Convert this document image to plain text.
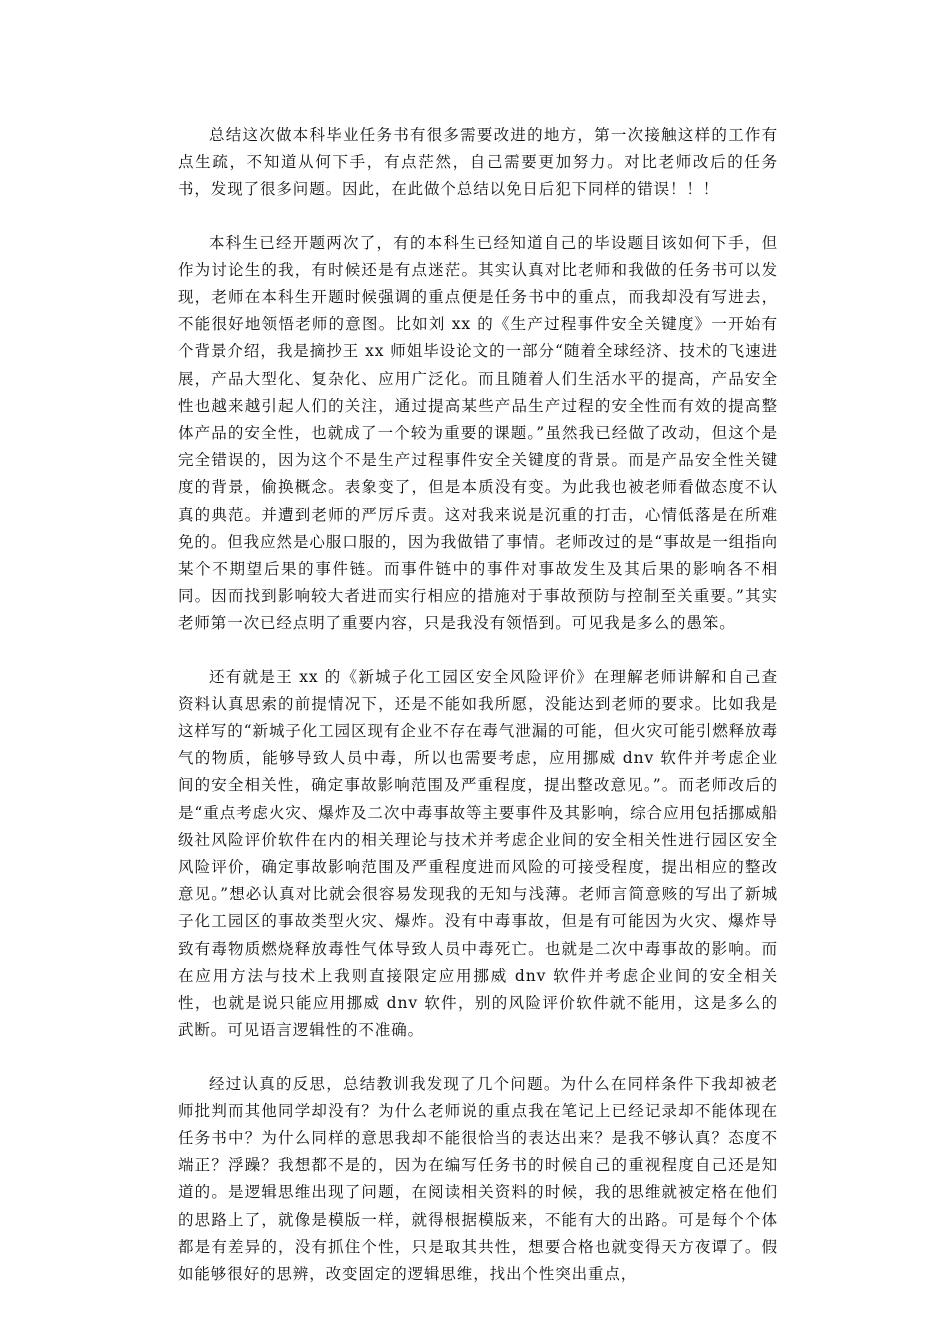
总结这次做本科毕业任务书有很多需要改进的地方，第一次接触这样的工作有点生疏，不知道从何下手，有点茫然，自己需要更加努力。对比老师改后的任务书，发现了很多问题。因此，在此做个总结以免日后犯下同样的错误！！！

本科生已经开题两次了，有的本科生已经知道自己的毕设题目该如何下手，但作为讨论生的我，有时候还是有点迷茫。其实认真对比老师和我做的任务书可以发现，老师在本科生开题时候强调的重点便是任务书中的重点，而我却没有写进去，不能很好地领悟老师的意图。比如刘 xx 的《生产过程事件安全关键度》一开始有个背景介绍，我是摘抄王 xx 师姐毕设论文的一部分“随着全球经济、技术的飞速进展，产品大型化、复杂化、应用广泛化。而且随着人们生活水平的提高，产品安全性也越来越引起人们的关注，通过提高某些产品生产过程的安全性而有效的提高整体产品的安全性，也就成了一个较为重要的课题。”虽然我已经做了改动，但这个是完全错误的，因为这个不是生产过程事件安全关键度的背景。而是产品安全性关键度的背景，偷换概念。表象变了，但是本质没有变。为此我也被老师看做态度不认真的典范。并遭到老师的严厉斥责。这对我来说是沉重的打击，心情低落是在所难免的。但我应然是心服口服的，因为我做错了事情。老师改过的是“事故是一组指向某个不期望后果的事件链。而事件链中的事件对事故发生及其后果的影响各不相同。因而找到影响较大者进而实行相应的措施对于事故预防与控制至关重要。”其实老师第一次已经点明了重要内容，只是我没有领悟到。可见我是多么的愚笨。

还有就是王 xx 的《新城子化工园区安全风险评价》在理解老师讲解和自己查资料认真思索的前提情况下，还是不能如我所愿，没能达到老师的要求。比如我是这样写的“新城子化工园区现有企业不存在毒气泄漏的可能，但火灾可能引燃释放毒气的物质，能够导致人员中毒，所以也需要考虑，应用挪威 dnv 软件并考虑企业间的安全相关性，确定事故影响范围及严重程度，提出整改意见。”。而老师改后的是“重点考虑火灾、爆炸及二次中毒事故等主要事件及其影响，综合应用包括挪威船级社风险评价软件在内的相关理论与技术并考虑企业间的安全相关性进行园区安全风险评价，确定事故影响范围及严重程度进而风险的可接受程度，提出相应的整改意见。”想必认真对比就会很容易发现我的无知与浅薄。老师言简意赅的写出了新城子化工园区的事故类型火灾、爆炸。没有中毒事故，但是有可能因为火灾、爆炸导致有毒物质燃烧释放毒性气体导致人员中毒死亡。也就是二次中毒事故的影响。而在应用方法与技术上我则直接限定应用挪威 dnv 软件并考虑企业间的安全相关性，也就是说只能应用挪威 dnv 软件，别的风险评价软件就不能用，这是多么的武断。可见语言逻辑性的不准确。

经过认真的反思，总结教训我发现了几个问题。为什么在同样条件下我却被老师批判而其他同学却没有？为什么老师说的重点我在笔记上已经记录却不能体现在任务书中？为什么同样的意思我却不能很恰当的表达出来？是我不够认真？态度不端正？浮躁？我想都不是的，因为在编写任务书的时候自己的重视程度自己还是知道的。是逻辑思维出现了问题，在阅读相关资料的时候，我的思维就被定格在他们的思路上了，就像是模版一样，就得根据模版来，不能有大的出路。可是每个个体都是有差异的，没有抓住个性，只是取其共性，想要合格也就变得天方夜谭了。假如能够很好的思辨，改变固定的逻辑思维，找出个性突出重点，
